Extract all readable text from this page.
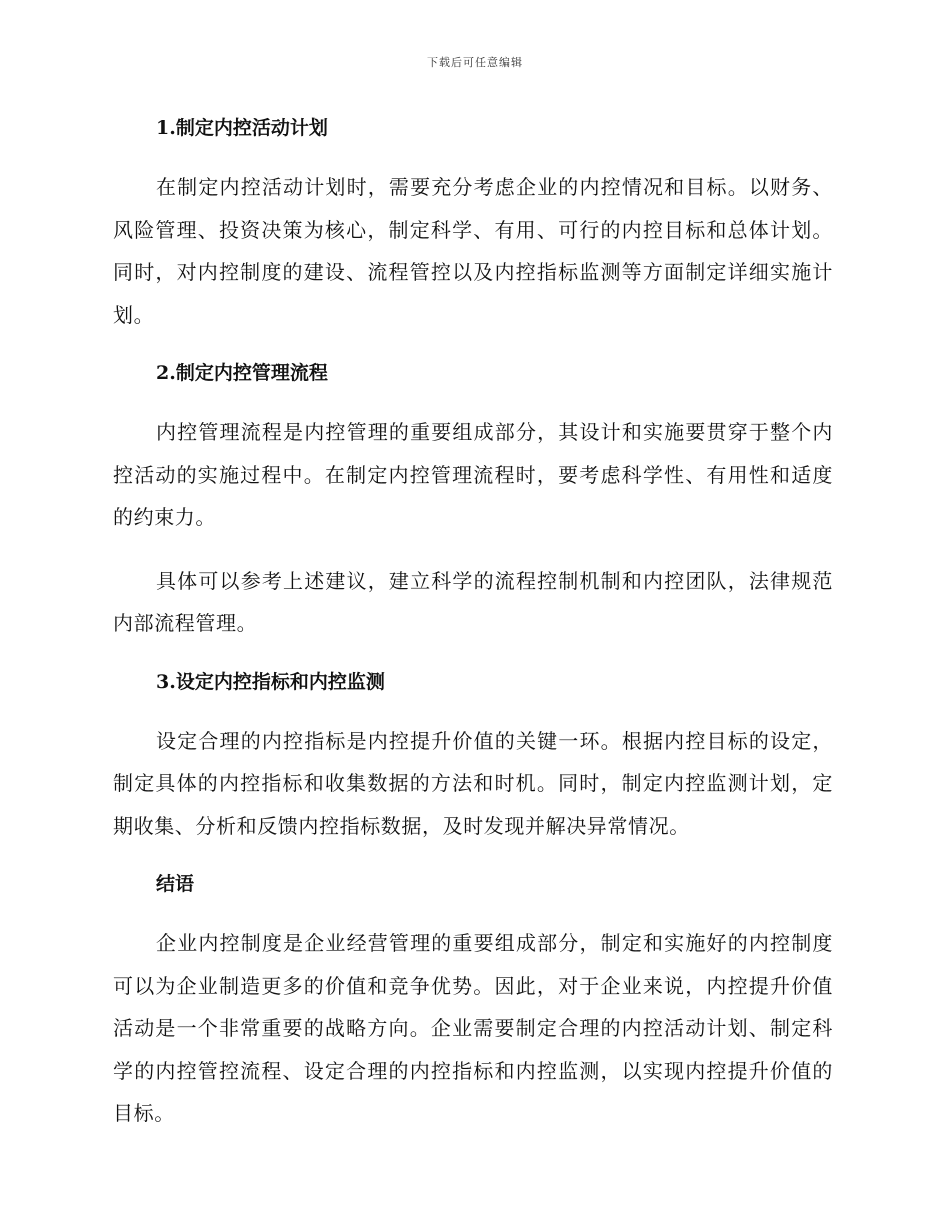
下载后可任意编辑
1.制定内控活动计划

在制定内控活动计划时，需要充分考虑企业的内控情况和目标。以财务、风险管理、投资决策为核心，制定科学、有用、可行的内控目标和总体计划。同时，对内控制度的建设、流程管控以及内控指标监测等方面制定详细实施计划。

2.制定内控管理流程

内控管理流程是内控管理的重要组成部分，其设计和实施要贯穿于整个内控活动的实施过程中。在制定内控管理流程时，要考虑科学性、有用性和适度的约束力。

具体可以参考上述建议，建立科学的流程控制机制和内控团队，法律规范内部流程管理。

3.设定内控指标和内控监测

设定合理的内控指标是内控提升价值的关键一环。根据内控目标的设定，制定具体的内控指标和收集数据的方法和时机。同时，制定内控监测计划，定期收集、分析和反馈内控指标数据，及时发现并解决异常情况。

结语

企业内控制度是企业经营管理的重要组成部分，制定和实施好的内控制度可以为企业制造更多的价值和竞争优势。因此，对于企业来说，内控提升价值活动是一个非常重要的战略方向。企业需要制定合理的内控活动计划、制定科学的内控管控流程、设定合理的内控指标和内控监测，以实现内控提升价值的目标。
